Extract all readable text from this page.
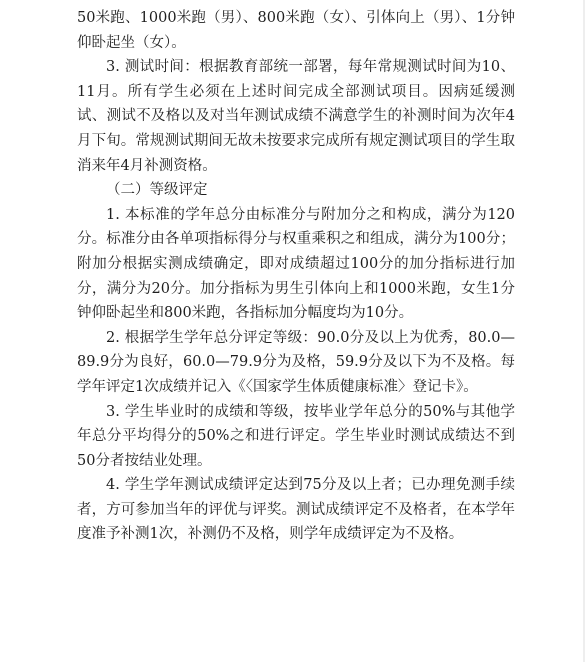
50米跑、1000米跑（男）、800米跑（女）、引体向上（男）、1分钟仰卧起坐（女）。

3. 测试时间：根据教育部统一部署，每年常规测试时间为10、11月。所有学生必须在上述时间完成全部测试项目。因病延缓测试、测试不及格以及对当年测试成绩不满意学生的补测时间为次年4月下旬。常规测试期间无故未按要求完成所有规定测试项目的学生取消来年4月补测资格。

（二）等级评定

1. 本标准的学年总分由标准分与附加分之和构成，满分为120分。标准分由各单项指标得分与权重乘积之和组成，满分为100分；附加分根据实测成绩确定，即对成绩超过100分的加分指标进行加分，满分为20分。加分指标为男生引体向上和1000米跑，女生1分钟仰卧起坐和800米跑，各指标加分幅度均为10分。

2. 根据学生学年总分评定等级：90.0分及以上为优秀，80.0—89.9分为良好，60.0—79.9分为及格，59.9分及以下为不及格。每学年评定1次成绩并记入《〈国家学生体质健康标准〉登记卡》。

3. 学生毕业时的成绩和等级，按毕业学年总分的50%与其他学年总分平均得分的50%之和进行评定。学生毕业时测试成绩达不到50分者按结业处理。

4. 学生学年测试成绩评定达到75分及以上者；已办理免测手续者，方可参加当年的评优与评奖。测试成绩评定不及格者，在本学年度准予补测1次，补测仍不及格，则学年成绩评定为不及格。
